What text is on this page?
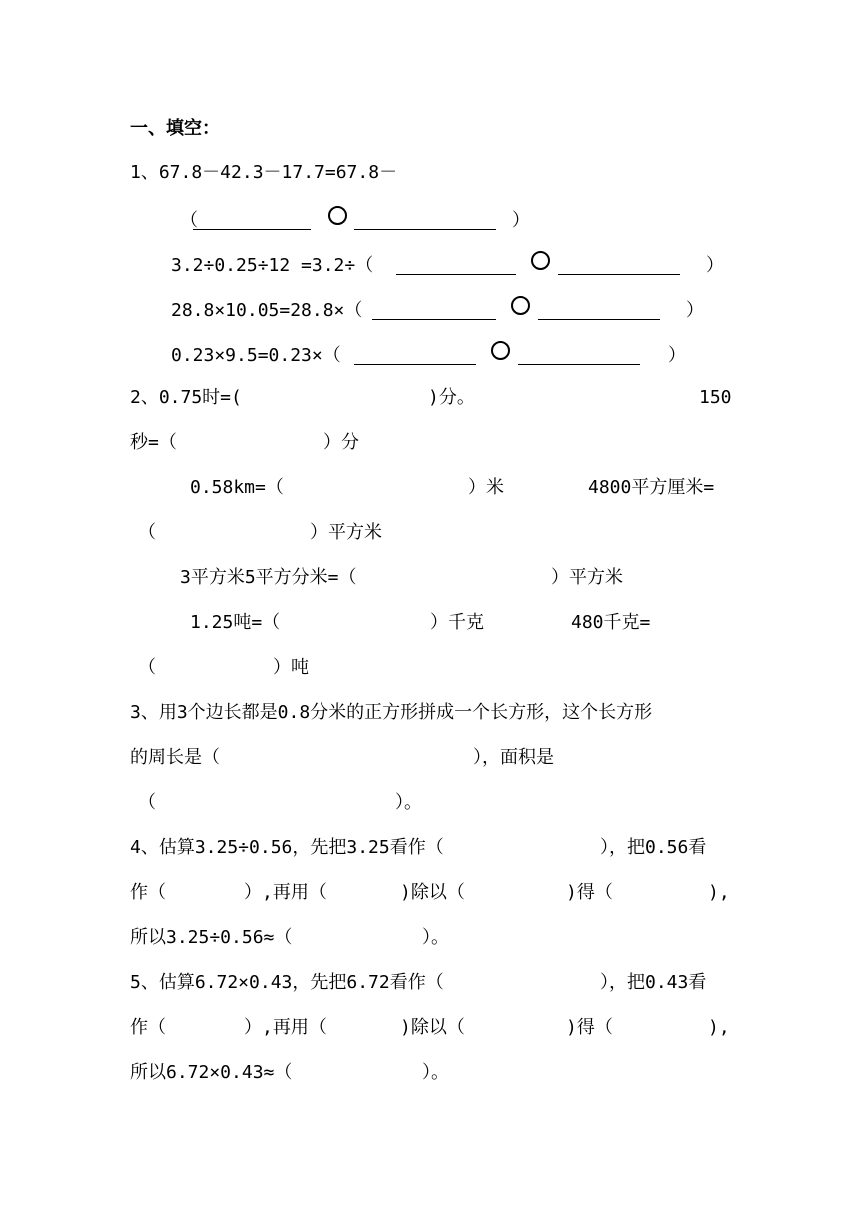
一、填空：
1、67.8－42.3－17.7=67.8－
（	）
3.2÷0.25÷12 =3.2÷（	）
28.8×10.05=28.8×（	）
0.23×9.5=0.23×（	）
2、0.75时=(	)分。	150
秒=（	）分
0.58km=（	）米	4800平方厘米=
（	）平方米
3平方米5平方分米=（	）平方米
1.25吨=（	）千克	480千克=
（	）吨
3、用3个边长都是0.8分米的正方形拼成一个长方形，这个长方形
的周长是（	），面积是
（	）。
4、估算3.25÷0.56，先把3.25看作（	），把0.56看
作（	）,再用（	)除以（	)得（	),
所以3.25÷0.56≈（	）。
5、估算6.72×0.43，先把6.72看作（	），把0.43看
作（	）,再用（	)除以（	)得（	),
所以6.72×0.43≈（	）。
